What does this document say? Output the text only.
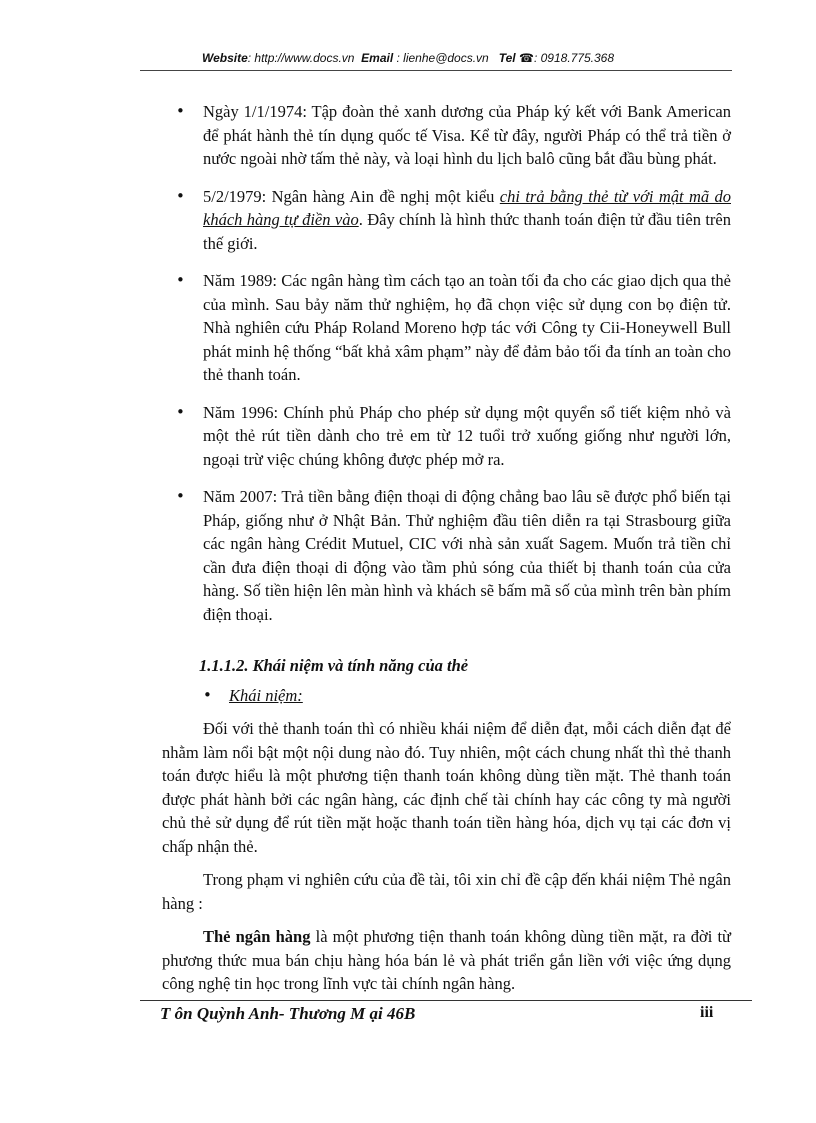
Website: http://www.docs.vn Email : lienhe@docs.vn Tel ☎: 0918.775.368
• Ngày 1/1/1974: Tập đoàn thẻ xanh dương của Pháp ký kết với Bank American để phát hành thẻ tín dụng quốc tế Visa. Kể từ đây, người Pháp có thể trả tiền ở nước ngoài nhờ tấm thẻ này, và loại hình du lịch balô cũng bắt đầu bùng phát.
• 5/2/1979: Ngân hàng Ain đề nghị một kiểu chi trả bằng thẻ từ với mật mã do khách hàng tự điền vào. Đây chính là hình thức thanh toán điện tử đầu tiên trên thế giới.
• Năm 1989: Các ngân hàng tìm cách tạo an toàn tối đa cho các giao dịch qua thẻ của mình. Sau bảy năm thử nghiệm, họ đã chọn việc sử dụng con bọ điện tử. Nhà nghiên cứu Pháp Roland Moreno hợp tác với Công ty Cii-Honeywell Bull phát minh hệ thống “bất khả xâm phạm” này để đảm bảo tối đa tính an toàn cho thẻ thanh toán.
• Năm 1996: Chính phủ Pháp cho phép sử dụng một quyển sổ tiết kiệm nhỏ và một thẻ rút tiền dành cho trẻ em từ 12 tuổi trở xuống giống như người lớn, ngoại trừ việc chúng không được phép mở ra.
• Năm 2007: Trả tiền bằng điện thoại di động chẳng bao lâu sẽ được phổ biến tại Pháp, giống như ở Nhật Bản. Thử nghiệm đầu tiên diễn ra tại Strasbourg giữa các ngân hàng Crédit Mutuel, CIC với nhà sản xuất Sagem. Muốn trả tiền chỉ cần đưa điện thoại di động vào tầm phủ sóng của thiết bị thanh toán của cửa hàng. Số tiền hiện lên màn hình và khách sẽ bấm mã số của mình trên bàn phím điện thoại.
1.1.1.2. Khái niệm và tính năng của thẻ
• Khái niệm:

Đối với thẻ thanh toán thì có nhiều khái niệm để diễn đạt, mỗi cách diễn đạt để nhằm làm nổi bật một nội dung nào đó. Tuy nhiên, một cách chung nhất thì thẻ thanh toán được hiểu là một phương tiện thanh toán không dùng tiền mặt. Thẻ thanh toán được phát hành bởi các ngân hàng, các định chế tài chính hay các công ty mà người chủ thẻ sử dụng để rút tiền mặt hoặc thanh toán tiền hàng hóa, dịch vụ tại các đơn vị chấp nhận thẻ.

Trong phạm vi nghiên cứu của đề tài, tôi xin chỉ đề cập đến khái niệm Thẻ ngân hàng :

Thẻ ngân hàng là một phương tiện thanh toán không dùng tiền mặt, ra đời từ phương thức mua bán chịu hàng hóa bán lẻ và phát triển gắn liền với việc ứng dụng công nghệ tin học trong lĩnh vực tài chính ngân hàng.

T ôn Quỳnh Anh- Thương M ại 46B	iii
